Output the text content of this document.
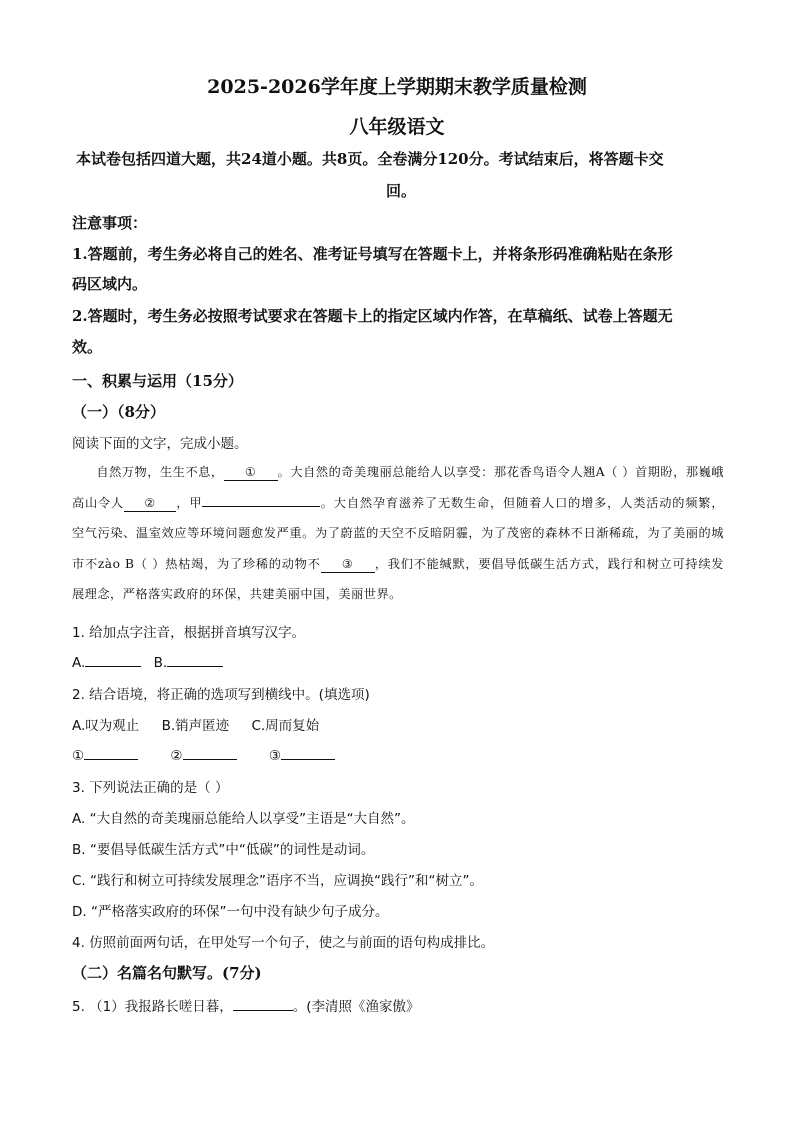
2025-2026学年度上学期期末教学质量检测
八年级语文
本试卷包括四道大题，共24道小题。共8页。全卷满分120分。考试结束后，将答题卡交
回。
注意事项：
1.答题前，考生务必将自己的姓名、准考证号填写在答题卡上，并将条形码准确粘贴在条形
码区域内。
2.答题时，考生务必按照考试要求在答题卡上的指定区域内作答，在草稿纸、试卷上答题无
效。
一、积累与运用（15分）
（一）（8分）
阅读下面的文字，完成小题。
自然万物，生生不息， ① 。大自然的奇美瑰丽总能给人以享受：那花香鸟语令人翘A（ ）首期盼，那巍峨高山令人 ② ，甲	。大自然孕育滋养了无数生命，但随着人口的增多，人类活动的频繁，空气污染、温室效应等环境问题愈发严重。为了蔚蓝的天空不反暗阴霾，为了茂密的森林不日渐稀疏，为了美丽的城市不zào B（ ）热枯竭，为了珍稀的动物不 ③ ，我们不能缄默，要倡导低碳生活方式，践行和树立可持续发展理念，严格落实政府的环保，共建美丽中国，美丽世界。
1. 给加点字注音，根据拼音填写汉字。
A.	B.
2. 结合语境，将正确的选项写到横线中。(填选项)
A.叹为观止 B.销声匿迹 C.周而复始
①	②	③
3. 下列说法正确的是（ ）
A. “大自然的奇美瑰丽总能给人以享受”主语是“大自然”。
B. “要倡导低碳生活方式”中“低碳”的词性是动词。
C. “践行和树立可持续发展理念”语序不当，应调换“践行”和“树立”。
D. “严格落实政府的环保”一句中没有缺少句子成分。
4. 仿照前面两句话，在甲处写一个句子，使之与前面的语句构成排比。
（二）名篇名句默写。(7分)
5. （1）我报路长嗟日暮，	。(李清照《渔家傲》
